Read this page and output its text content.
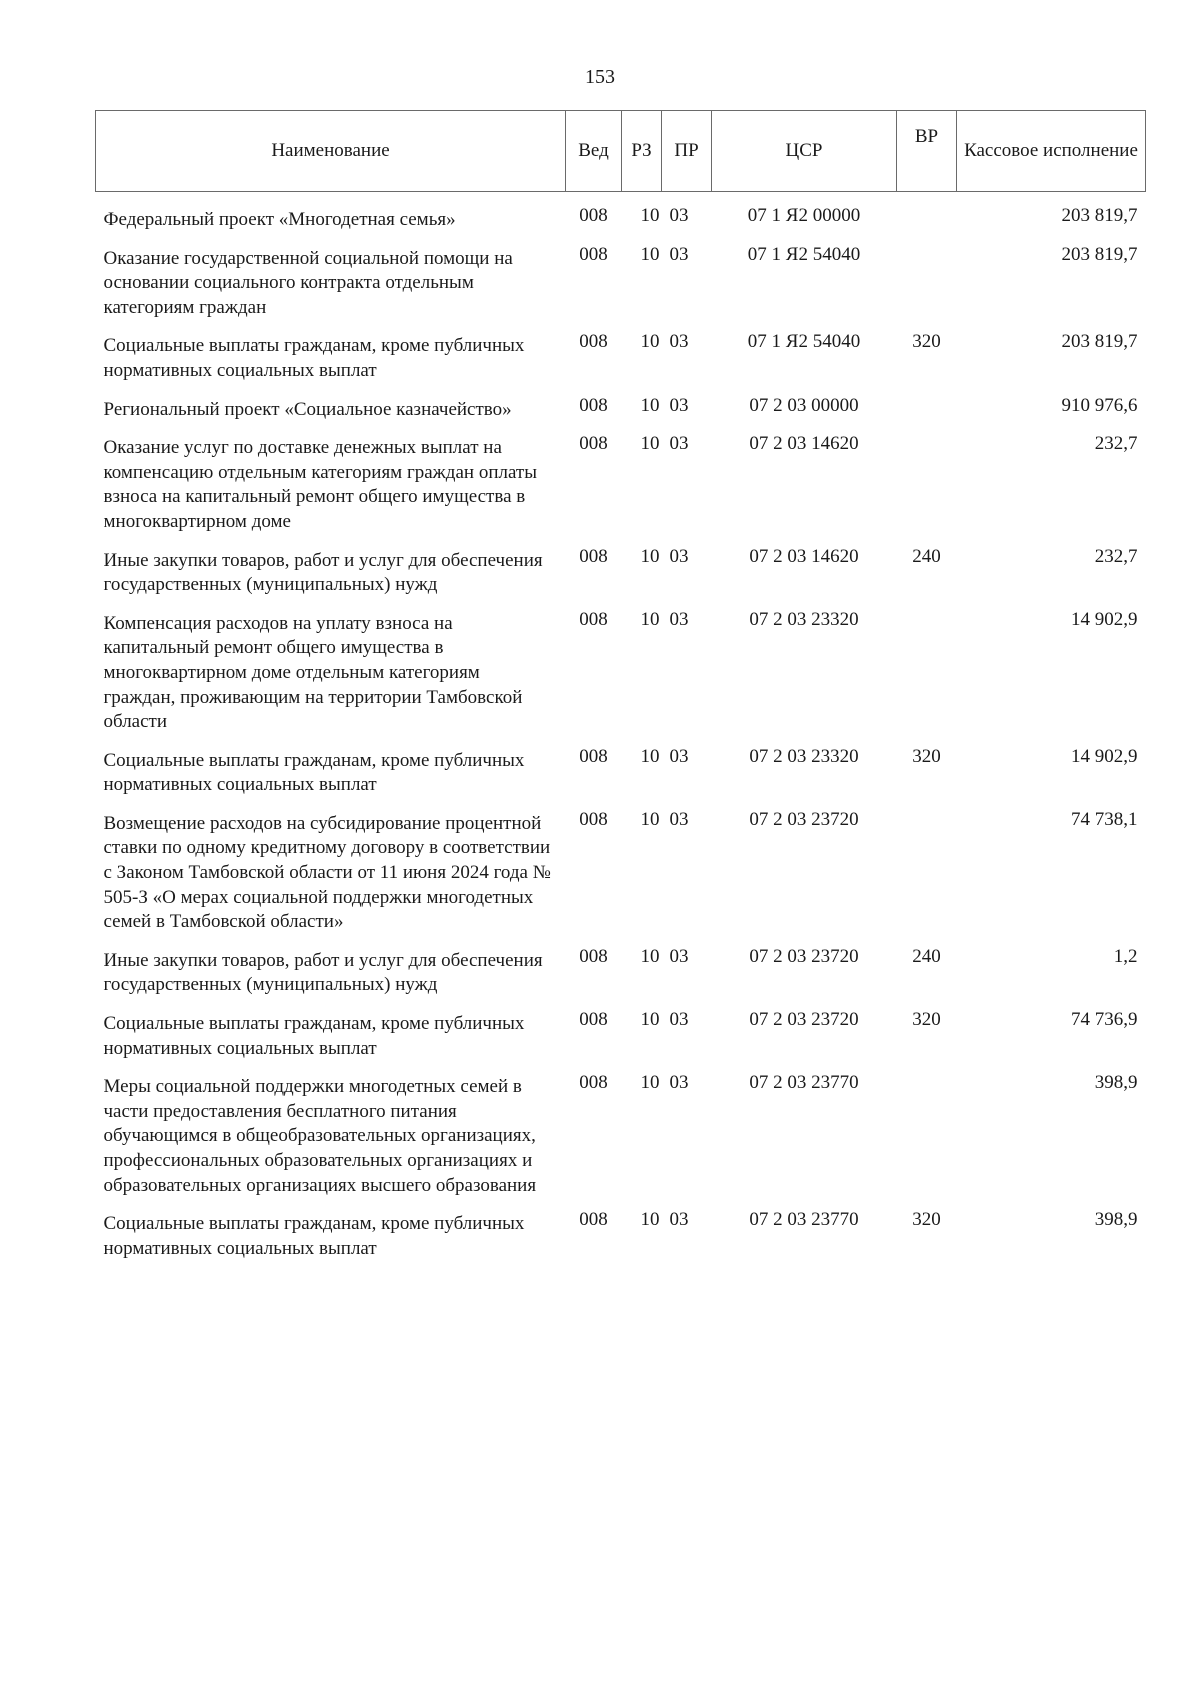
153
Наименование	Вед	РЗ	ПР	ЦСР	ВР	Кассовое исполнение
Федеральный проект «Многодетная семья»	008	10	03	07 1 Я2 00000		203 819,7
Оказание государственной социальной помощи на основании социального контракта отдельным категориям граждан	008	10	03	07 1 Я2 54040		203 819,7
Социальные выплаты гражданам, кроме публичных нормативных социальных выплат	008	10	03	07 1 Я2 54040	320	203 819,7
Региональный проект «Социальное казначейство»	008	10	03	07 2 03 00000		910 976,6
Оказание услуг по доставке денежных выплат на компенсацию отдельным категориям граждан оплаты взноса на капитальный ремонт общего имущества в многоквартирном доме	008	10	03	07 2 03 14620		232,7
Иные закупки товаров, работ и услуг для обеспечения государственных (муниципальных) нужд	008	10	03	07 2 03 14620	240	232,7
Компенсация расходов на уплату взноса на капитальный ремонт общего имущества в многоквартирном доме отдельным категориям граждан, проживающим на территории Тамбовской области	008	10	03	07 2 03 23320		14 902,9
Социальные выплаты гражданам, кроме публичных нормативных социальных выплат	008	10	03	07 2 03 23320	320	14 902,9
Возмещение расходов на субсидирование процентной ставки по одному кредитному договору в соответствии с Законом Тамбовской области от 11 июня 2024 года № 505-З «О мерах социальной поддержки многодетных семей в Тамбовской области»	008	10	03	07 2 03 23720		74 738,1
Иные закупки товаров, работ и услуг для обеспечения государственных (муниципальных) нужд	008	10	03	07 2 03 23720	240	1,2
Социальные выплаты гражданам, кроме публичных нормативных социальных выплат	008	10	03	07 2 03 23720	320	74 736,9
Меры социальной поддержки многодетных семей в части предоставления бесплатного питания обучающимся в общеобразовательных организациях, профессиональных образовательных организациях и образовательных организациях высшего образования	008	10	03	07 2 03 23770		398,9
Социальные выплаты гражданам, кроме публичных нормативных социальных выплат	008	10	03	07 2 03 23770	320	398,9
